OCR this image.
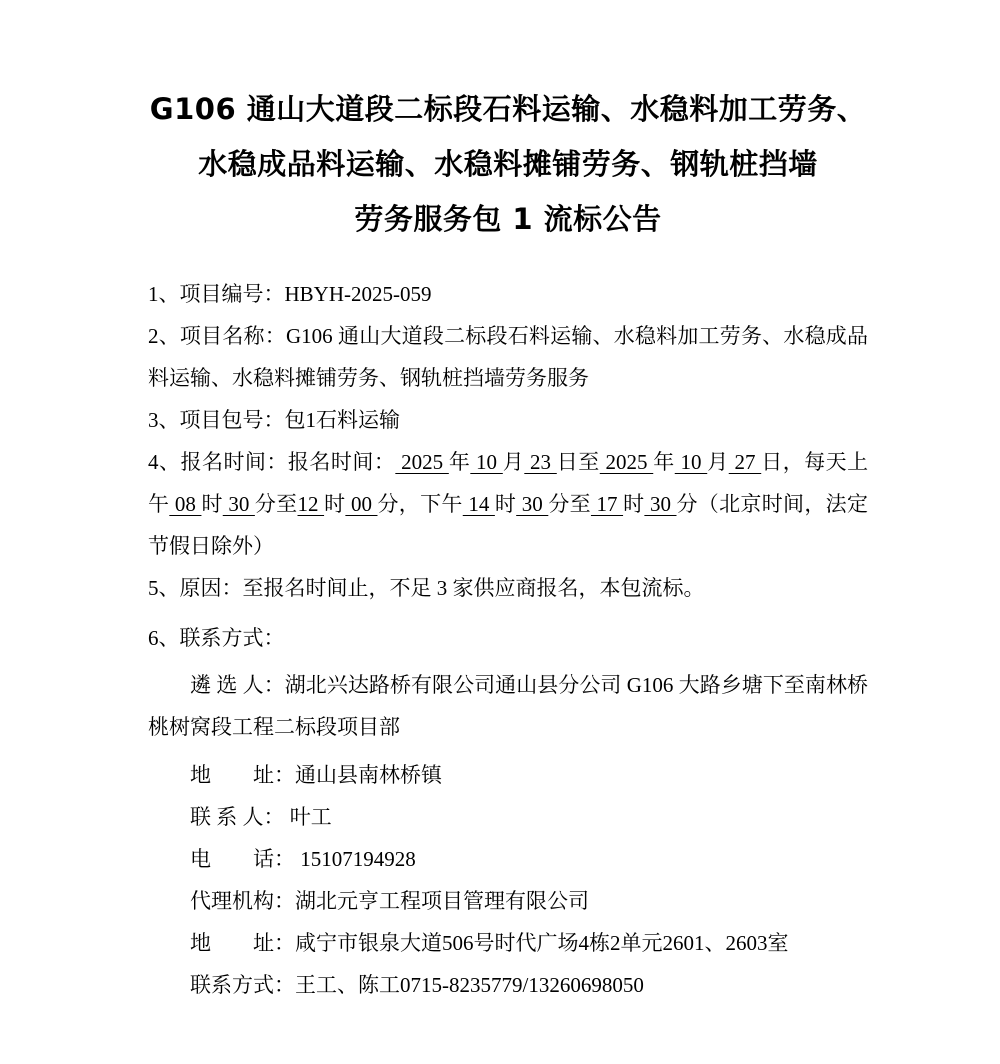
G106 通山大道段二标段石料运输、水稳料加工劳务、
水稳成品料运输、水稳料摊铺劳务、钢轨桩挡墙
劳务服务包 1 流标公告

1、项目编号：HBYH-2025-059

2、项目名称：G106 通山大道段二标段石料运输、水稳料加工劳务、水稳成品料运输、水稳料摊铺劳务、钢轨桩挡墙劳务服务

3、项目包号：包1石料运输

4、报名时间：报名时间： 2025 年 10 月 23 日至 2025 年 10 月 27 日，每天上午 08 时 30 分至12 时 00 分，下午 14 时 30 分至 17 时 30 分（北京时间，法定节假日除外）

5、原因：至报名时间止，不足 3 家供应商报名，本包流标。

6、联系方式：

遴 选 人：湖北兴达路桥有限公司通山县分公司 G106 大路乡塘下至南林桥桃树窝段工程二标段项目部

地　　址：通山县南林桥镇

联 系 人： 叶工

电　　话： 15107194928

代理机构：湖北元亨工程项目管理有限公司

地　　址：咸宁市银泉大道506号时代广场4栋2单元2601、2603室

联系方式：王工、陈工0715-8235779/13260698050
